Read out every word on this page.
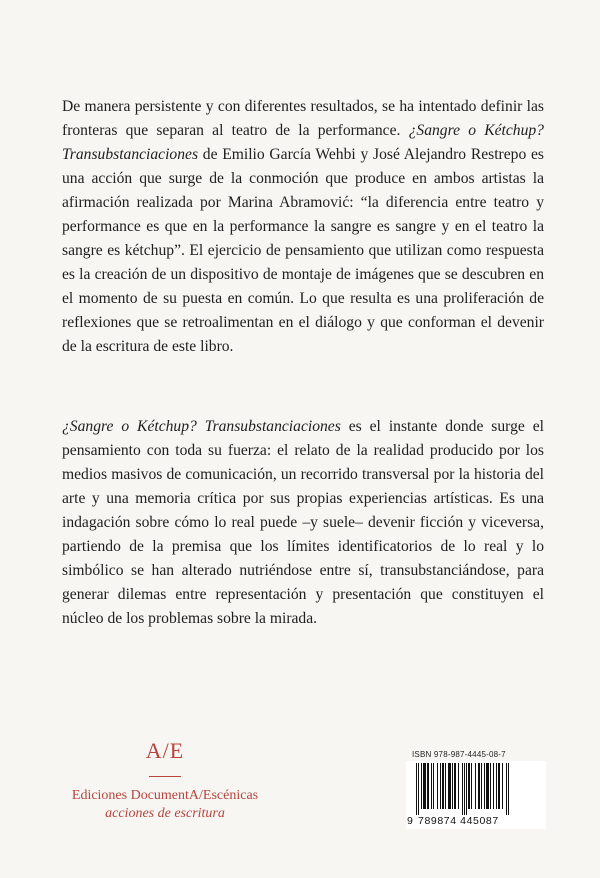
De manera persistente y con diferentes resultados, se ha intentado definir las fronteras que separan al teatro de la performance. ¿Sangre o Kétchup? Transubstanciaciones de Emilio García Wehbi y José Alejandro Restrepo es una acción que surge de la conmoción que produce en ambos artistas la afirmación realizada por Marina Abramović: “la diferencia entre teatro y performance es que en la performance la sangre es sangre y en el teatro la sangre es kétchup”. El ejercicio de pensamiento que utilizan como respuesta es la creación de un dispositivo de montaje de imágenes que se descubren en el momento de su puesta en común. Lo que resulta es una proliferación de reflexiones que se retroalimentan en el diálogo y que conforman el devenir de la escritura de este libro.

¿Sangre o Kétchup? Transubstanciaciones es el instante donde surge el pensamiento con toda su fuerza: el relato de la realidad producido por los medios masivos de comunicación, un recorrido transversal por la historia del arte y una memoria crítica por sus propias experiencias artísticas. Es una indagación sobre cómo lo real puede –y suele– devenir ficción y viceversa, partiendo de la premisa que los límites identificatorios de lo real y lo simbólico se han alterado nutriéndose entre sí, transubstanciándose, para generar dilemas entre representación y presentación que constituyen el núcleo de los problemas sobre la mirada.

A/E
Ediciones DocumentA/Escénicas
acciones de escritura
ISBN 978-987-4445-08-7
9 789874 445087
